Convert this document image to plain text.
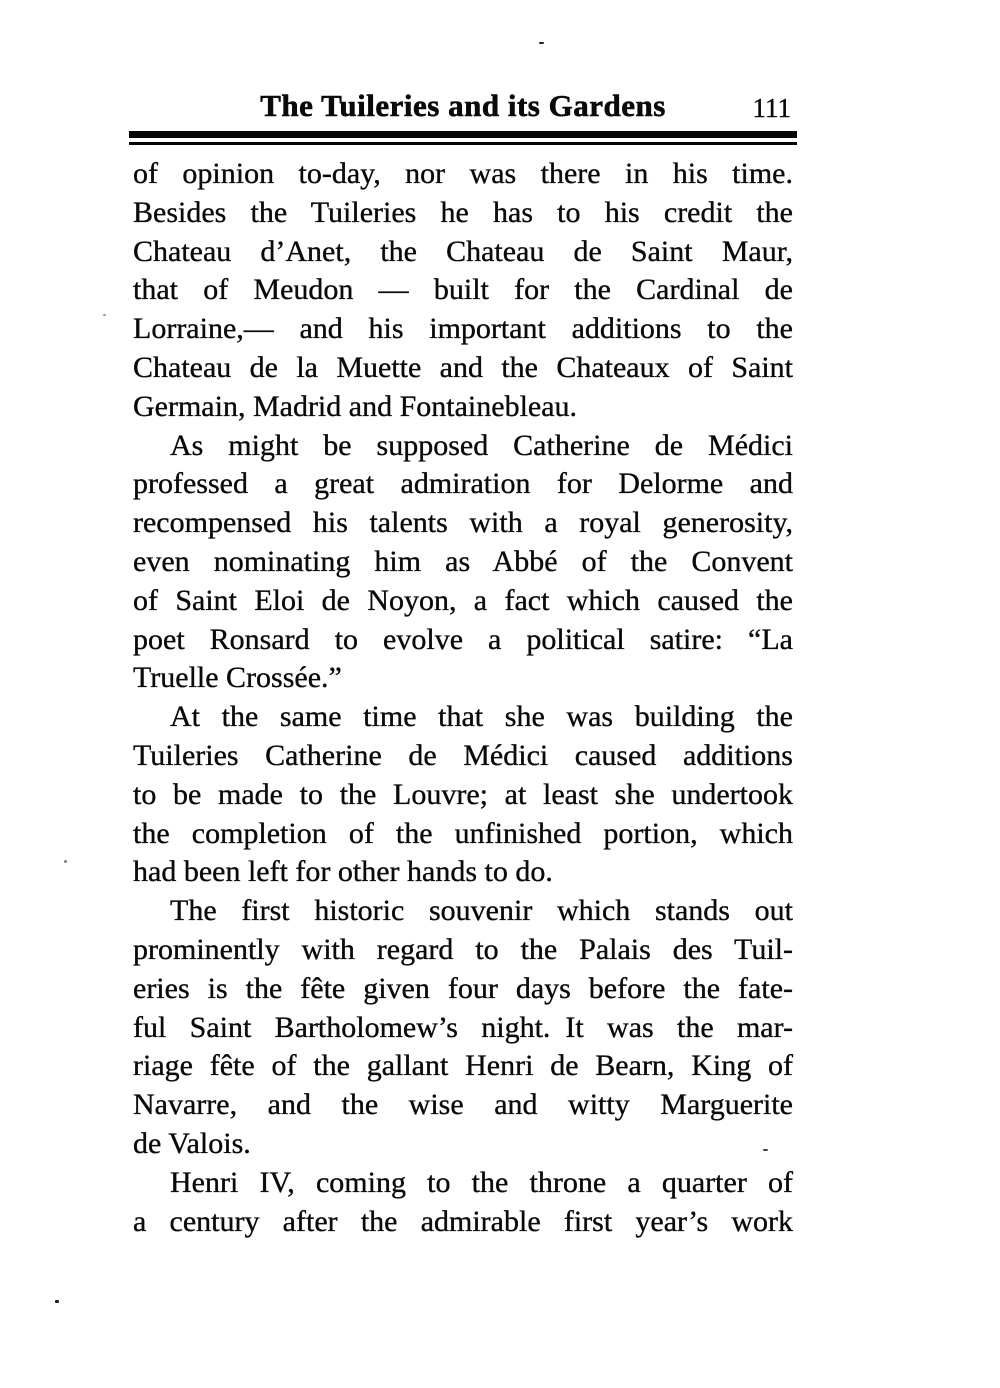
The Tuileries and its Gardens	111
of opinion to-day, nor was there in his time.
Besides the Tuileries he has to his credit the
Chateau d’Anet, the Chateau de Saint Maur,
that of Meudon — built for the Cardinal de
Lorraine,— and his important additions to the
Chateau de la Muette and the Chateaux of Saint
Germain, Madrid and Fontainebleau.
As might be supposed Catherine de Médici
professed a great admiration for Delorme and
recompensed his talents with a royal generosity,
even nominating him as Abbé of the Convent
of Saint Eloi de Noyon, a fact which caused the
poet Ronsard to evolve a political satire: “La
Truelle Crossée.”
At the same time that she was building the
Tuileries Catherine de Médici caused additions
to be made to the Louvre; at least she undertook
the completion of the unfinished portion, which
had been left for other hands to do.
The first historic souvenir which stands out
prominently with regard to the Palais des Tuil-
eries is the fête given four days before the fate-
ful Saint Bartholomew’s night. It was the mar-
riage fête of the gallant Henri de Bearn, King of
Navarre, and the wise and witty Marguerite
de Valois.
Henri IV, coming to the throne a quarter of
a century after the admirable first year’s work
